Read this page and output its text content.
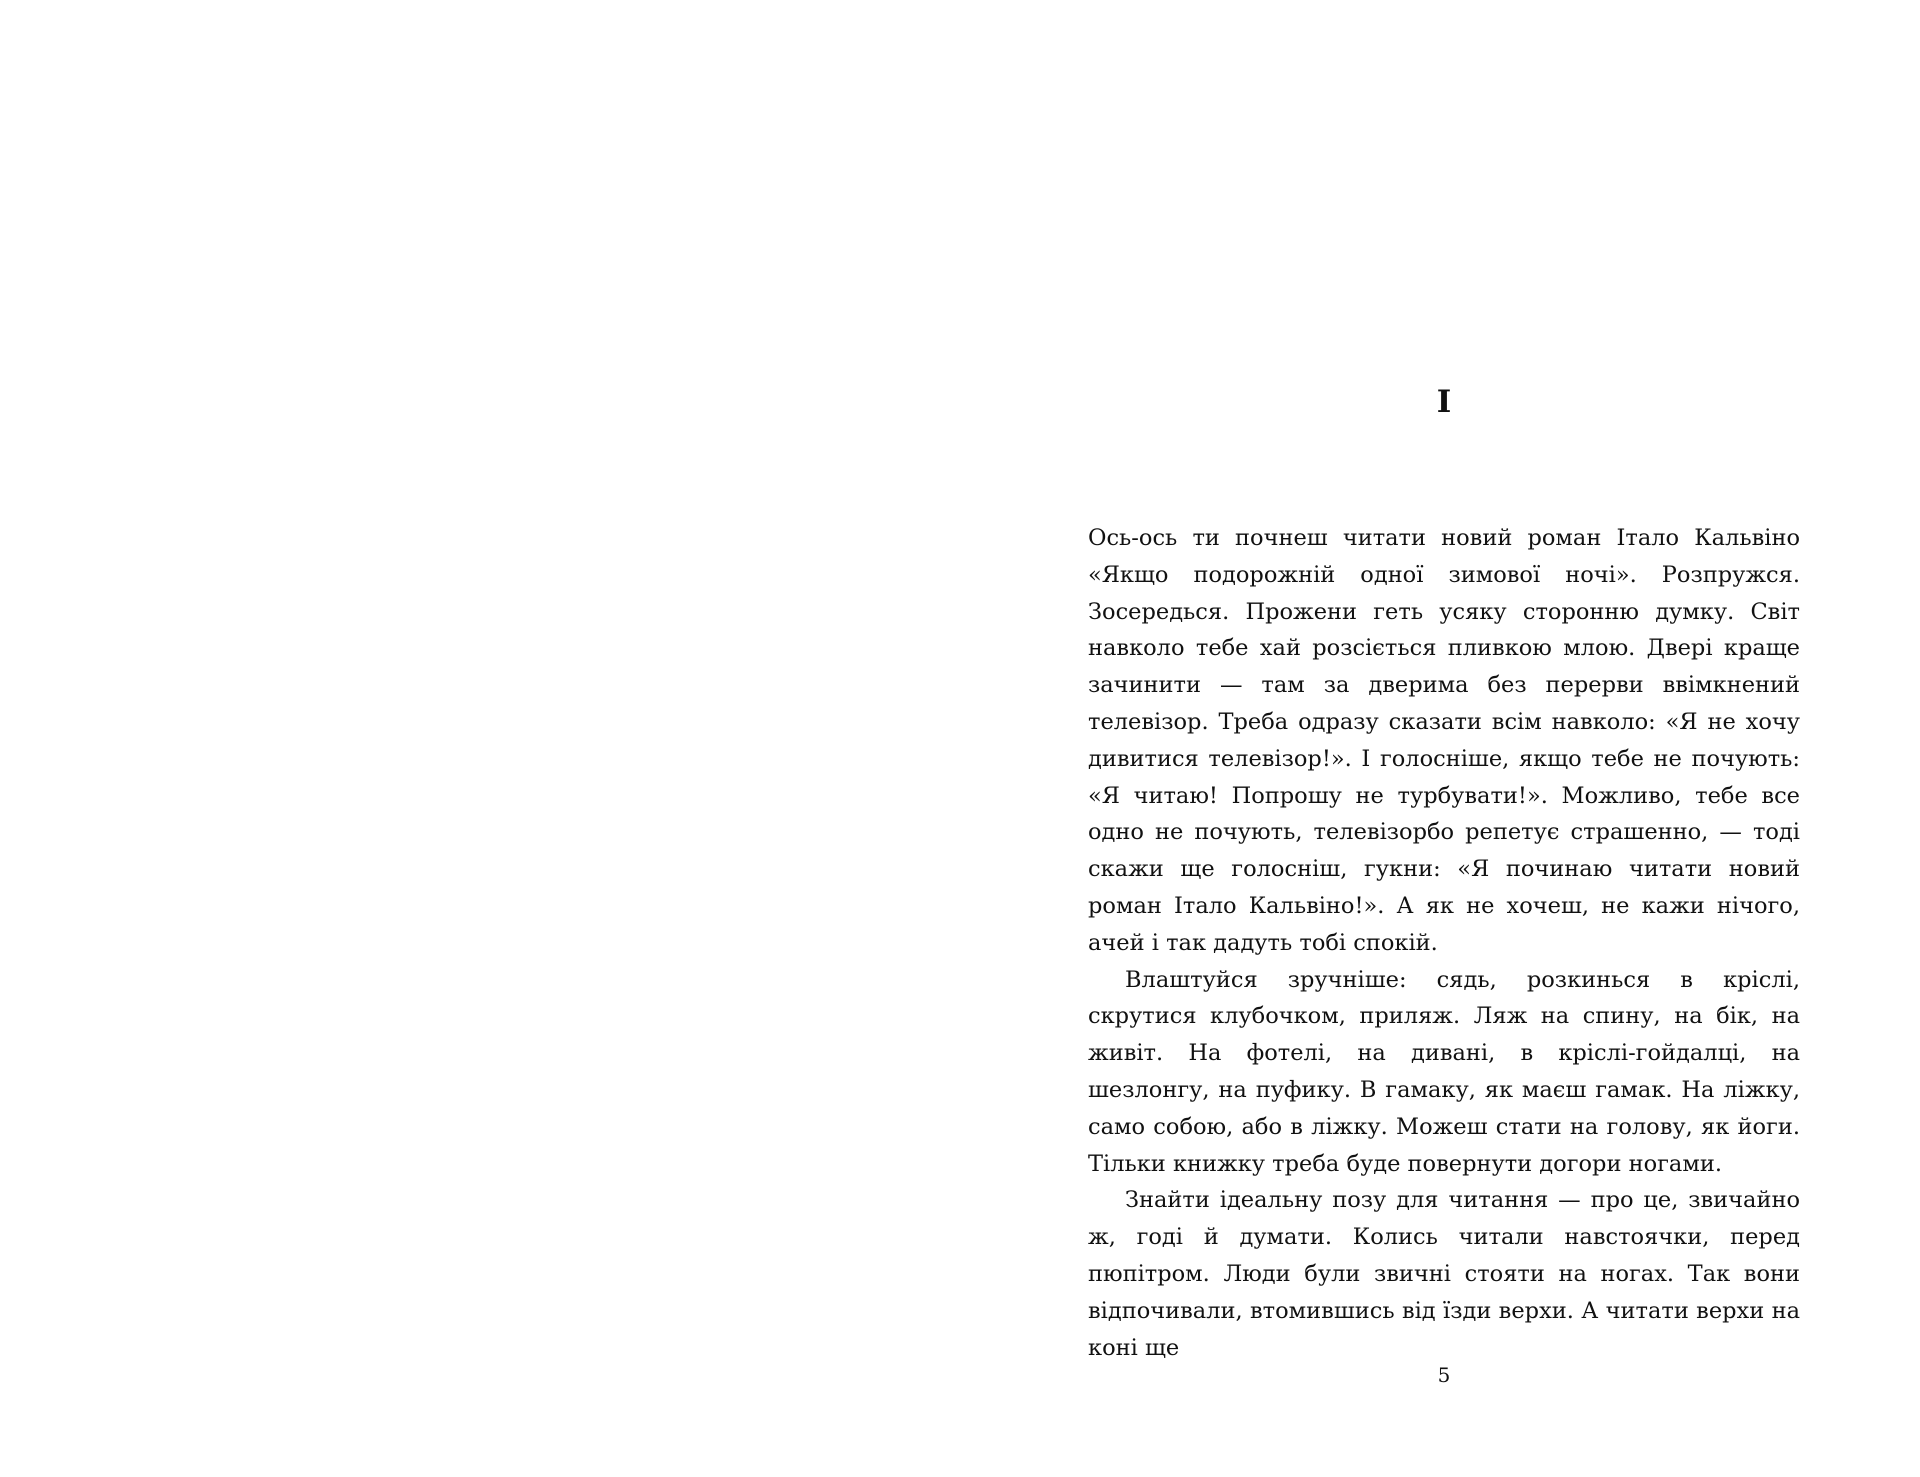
I

Ось-ось ти почнеш читати новий роман Італо Кальвіно «Якщо подорожній одної зимової ночі». Розпружся. Зосередься. Прожени геть усяку сторонню думку. Світ навколо тебе хай розсіється пливкою млою. Двері краще зачинити — там за дверима без перерви ввімкнений телевізор. Треба одразу сказати всім навколо: «Я не хочу дивитися телевізор!». І голосніше, якщо тебе не почують: «Я читаю! Попрошу не турбувати!». Можливо, тебе все одно не почують, телевізорбо репетує страшенно, — тоді скажи ще голосніш, гукни: «Я починаю читати новий роман Італо Кальвіно!». А як не хочеш, не кажи нічого, ачей і так дадуть тобі спокій.

Влаштуйся зручніше: сядь, розкинься в кріслі, скрутися клубочком, приляж. Ляж на спину, на бік, на живіт. На фотелі, на дивані, в кріслі-гойдалці, на шезлонгу, на пуфику. В гамаку, як маєш гамак. На ліжку, само собою, або в ліжку. Можеш стати на голову, як йоги. Тільки книжку треба буде повернути догори ногами.

Знайти ідеальну позу для читання — про це, звичайно ж, годі й думати. Колись читали навстоячки, перед пюпітром. Люди були звичні стояти на ногах. Так вони відпочивали, втомившись від їзди верхи. А читати верхи на коні ще

5
